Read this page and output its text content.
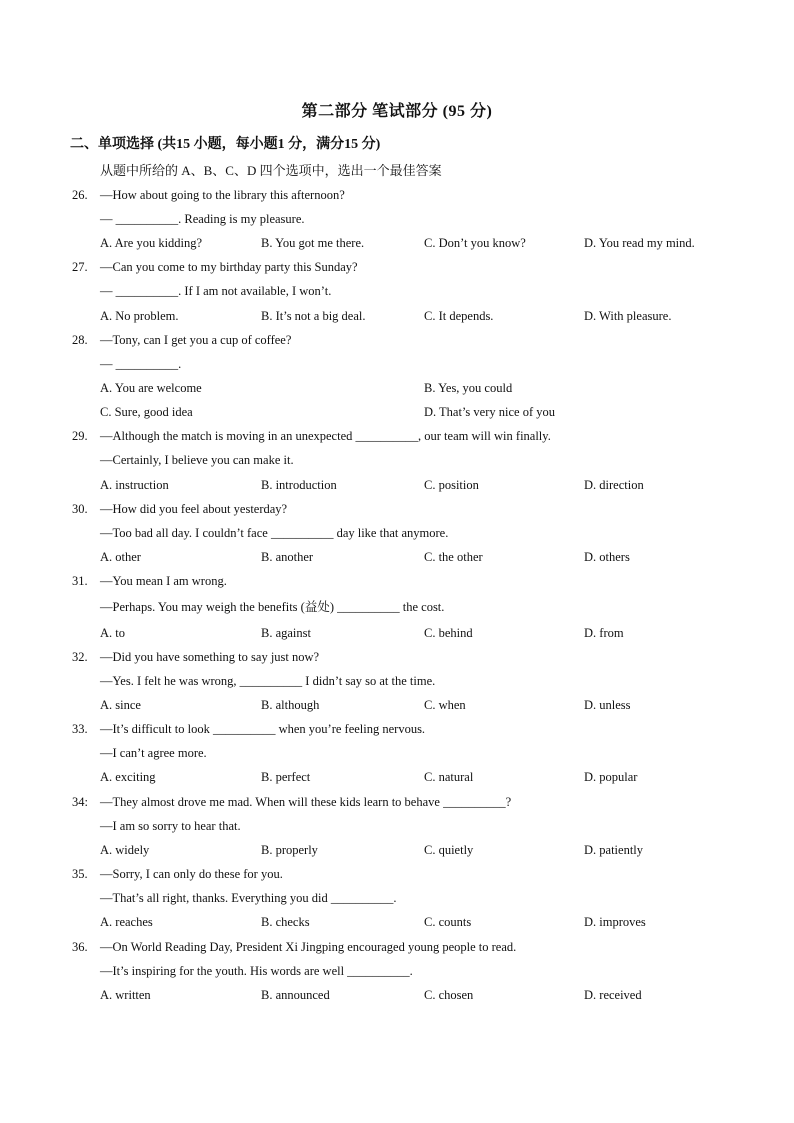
第二部分 笔试部分 (95 分)
二、单项选择 (共15 小题，每小题1 分，满分15 分)
从题中所给的 A、B、C、D 四个选项中，选出一个最佳答案
26. —How about going to the library this afternoon?
— __________. Reading is my pleasure.
A. Are you kidding?	B. You got me there.	C. Don’t you know?	D. You read my mind.
27. —Can you come to my birthday party this Sunday?
— __________. If I am not available, I won’t.
A. No problem.	B. It’s not a big deal.	C. It depends.	D. With pleasure.
28. —Tony, can I get you a cup of coffee?
— __________.
A. You are welcome	B. Yes, you could
C. Sure, good idea	D. That’s very nice of you
29. —Although the match is moving in an unexpected __________, our team will win finally.
—Certainly, I believe you can make it.
A. instruction	B. introduction	C. position	D. direction
30. —How did you feel about yesterday?
—Too bad all day. I couldn’t face __________ day like that anymore.
A. other	B. another	C. the other	D. others
31. —You mean I am wrong.
—Perhaps. You may weigh the benefits (益处) __________ the cost.
A. to	B. against	C. behind	D. from
32. —Did you have something to say just now?
—Yes. I felt he was wrong, __________ I didn’t say so at the time.
A. since	B. although	C. when	D. unless
33. —It’s difficult to look __________ when you’re feeling nervous.
—I can’t agree more.
A. exciting	B. perfect	C. natural	D. popular
34: —They almost drove me mad. When will these kids learn to behave __________?
—I am so sorry to hear that.
A. widely	B. properly	C. quietly	D. patiently
35. —Sorry, I can only do these for you.
—That’s all right, thanks. Everything you did __________.
A. reaches	B. checks	C. counts	D. improves
36. —On World Reading Day, President Xi Jingping encouraged young people to read.
—It’s inspiring for the youth. His words are well __________.
A. written	B. announced	C. chosen	D. received
